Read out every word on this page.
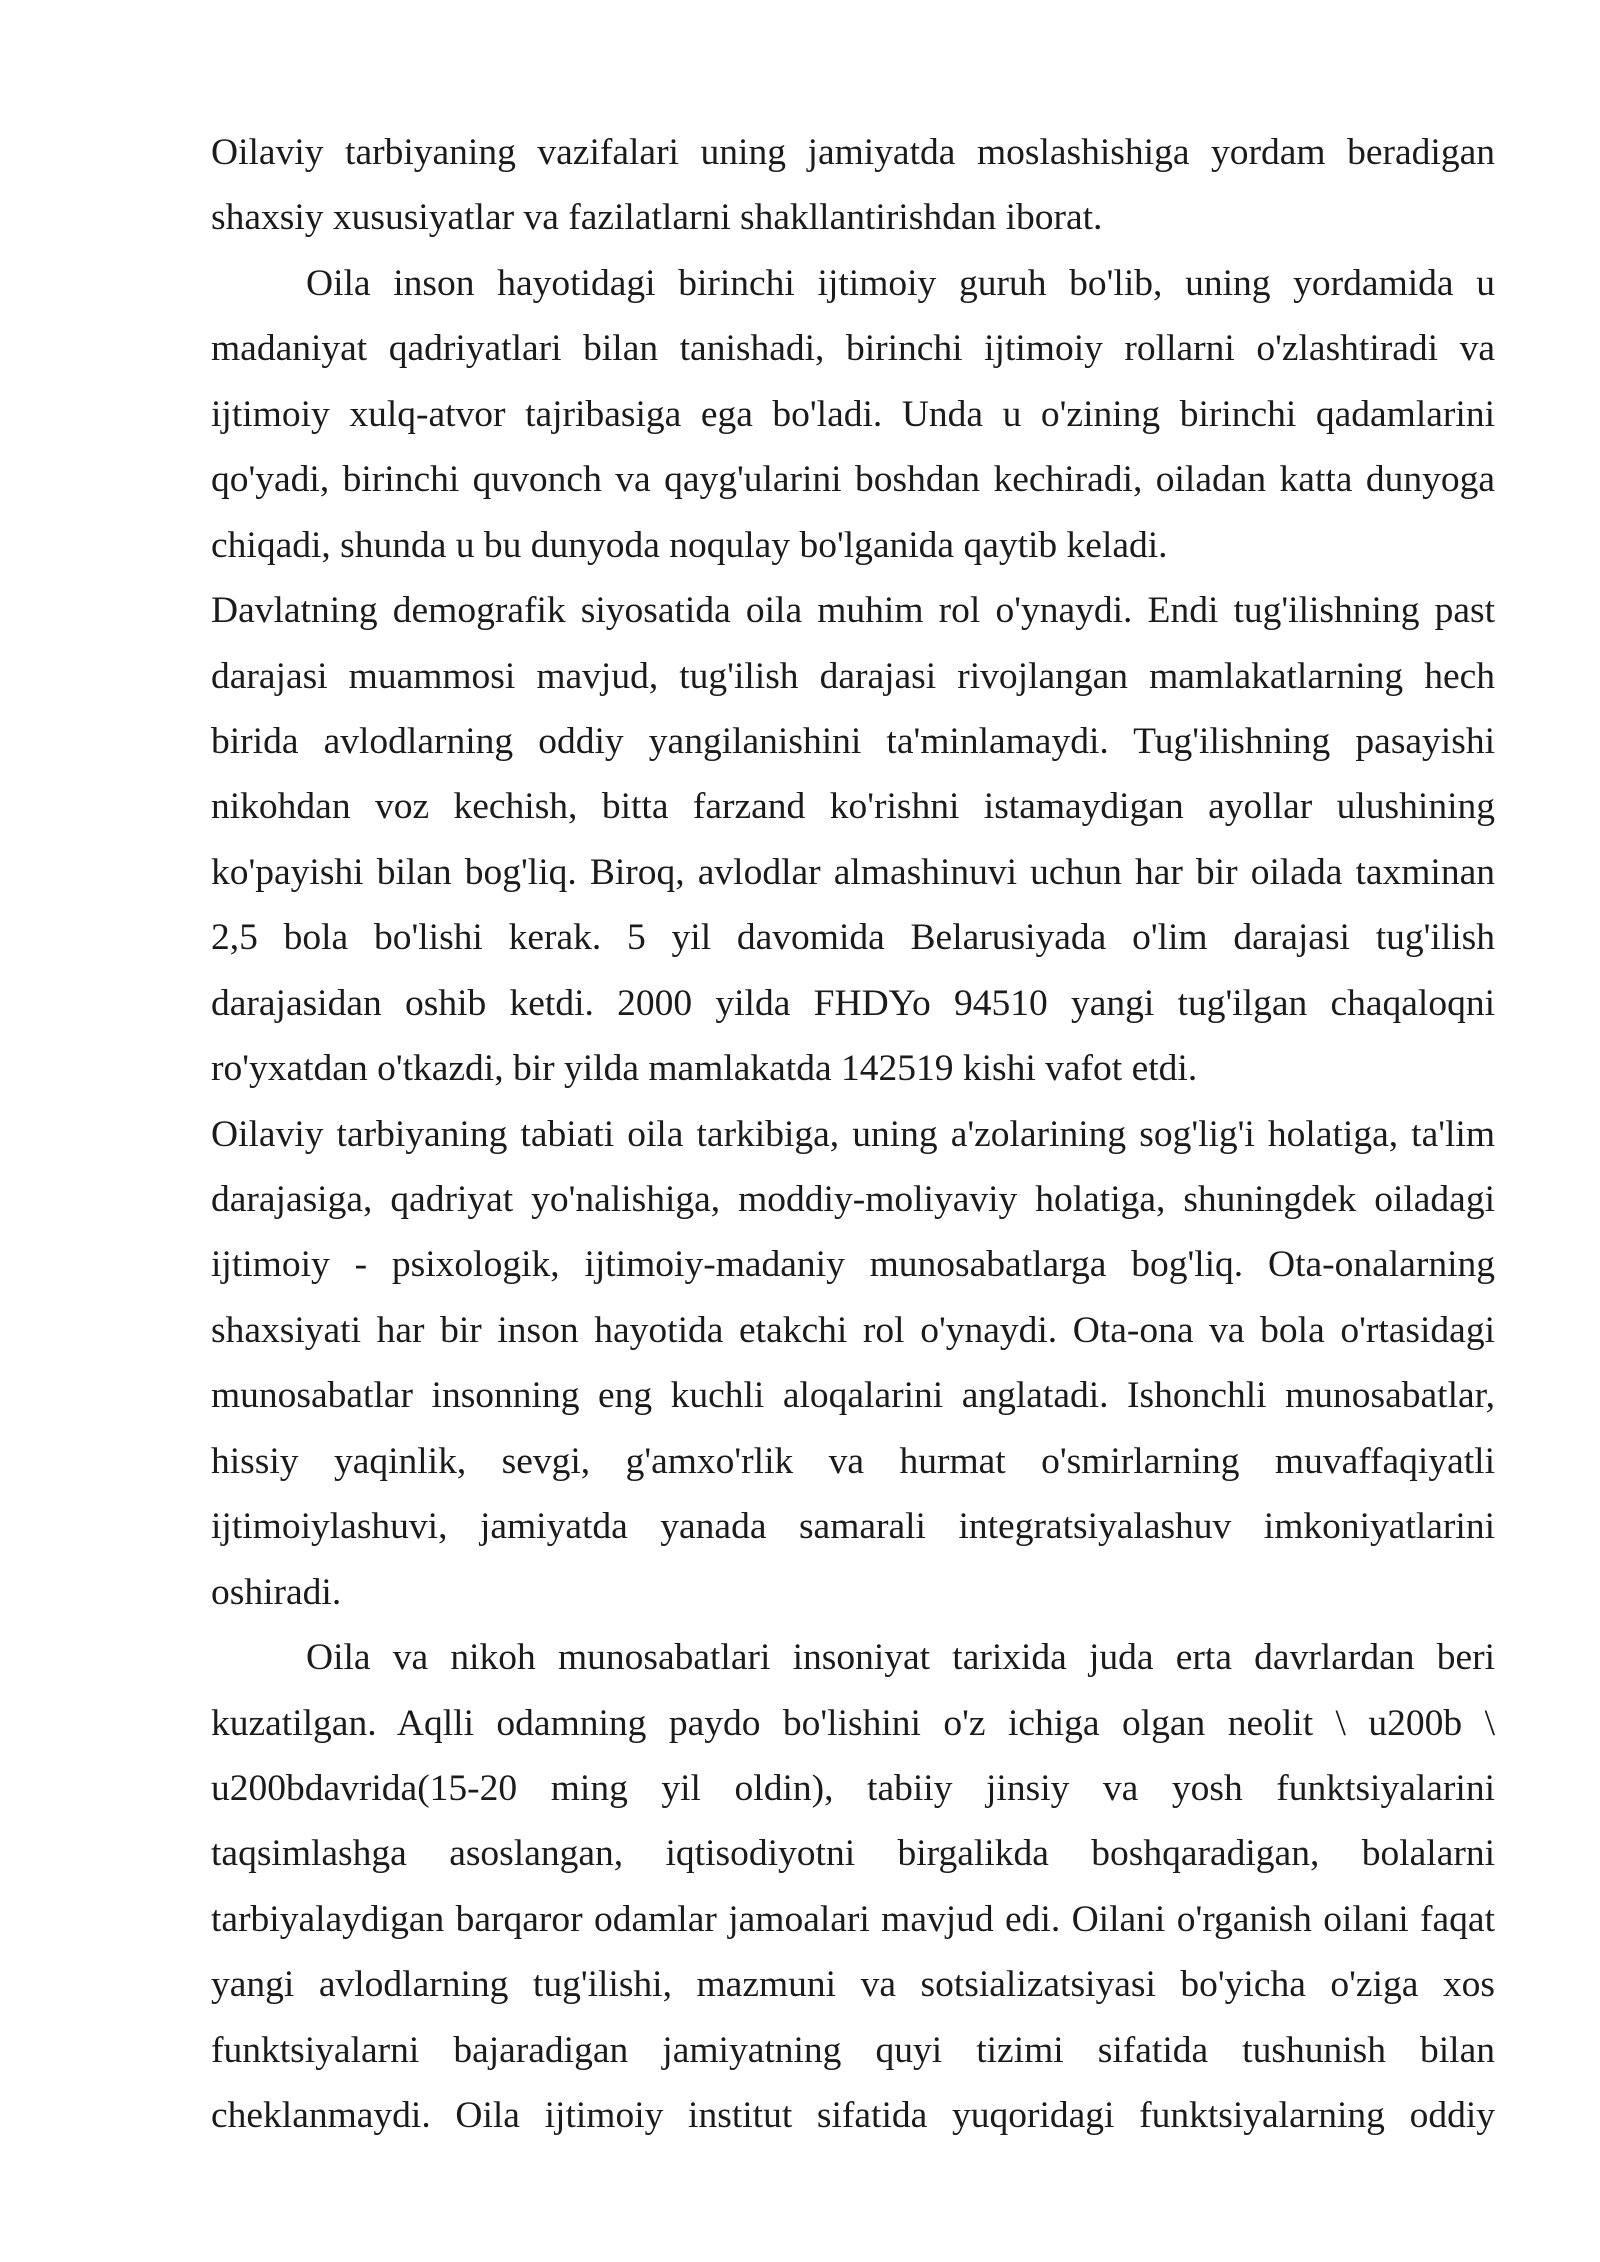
Oilaviy tarbiyaning vazifalari uning jamiyatda moslashishiga yordam beradigan
shaxsiy xususiyatlar va fazilatlarni shakllantirishdan iborat.
Oila inson hayotidagi birinchi ijtimoiy guruh bo'lib, uning yordamida u
madaniyat qadriyatlari bilan tanishadi, birinchi ijtimoiy rollarni o'zlashtiradi va
ijtimoiy xulq-atvor tajribasiga ega bo'ladi. Unda u o'zining birinchi qadamlarini
qo'yadi, birinchi quvonch va qayg'ularini boshdan kechiradi, oiladan katta dunyoga
chiqadi, shunda u bu dunyoda noqulay bo'lganida qaytib keladi.
Davlatning demografik siyosatida oila muhim rol o'ynaydi. Endi tug'ilishning past
darajasi muammosi mavjud, tug'ilish darajasi rivojlangan mamlakatlarning hech
birida avlodlarning oddiy yangilanishini ta'minlamaydi. Tug'ilishning pasayishi
nikohdan voz kechish, bitta farzand ko'rishni istamaydigan ayollar ulushining
ko'payishi bilan bog'liq. Biroq, avlodlar almashinuvi uchun har bir oilada taxminan
2,5 bola bo'lishi kerak. 5 yil davomida Belarusiyada o'lim darajasi tug'ilish
darajasidan oshib ketdi. 2000 yilda FHDYo 94510 yangi tug'ilgan chaqaloqni
ro'yxatdan o'tkazdi, bir yilda mamlakatda 142519 kishi vafot etdi.
Oilaviy tarbiyaning tabiati oila tarkibiga, uning a'zolarining sog'lig'i holatiga, ta'lim
darajasiga, qadriyat yo'nalishiga, moddiy-moliyaviy holatiga, shuningdek oiladagi
ijtimoiy - psixologik, ijtimoiy-madaniy munosabatlarga bog'liq. Ota-onalarning
shaxsiyati har bir inson hayotida etakchi rol o'ynaydi. Ota-ona va bola o'rtasidagi
munosabatlar insonning eng kuchli aloqalarini anglatadi. Ishonchli munosabatlar,
hissiy yaqinlik, sevgi, g'amxo'rlik va hurmat o'smirlarning muvaffaqiyatli
ijtimoiylashuvi, jamiyatda yanada samarali integratsiyalashuv imkoniyatlarini
oshiradi.
Oila va nikoh munosabatlari insoniyat tarixida juda erta davrlardan beri
kuzatilgan. Aqlli odamning paydo bo'lishini o'z ichiga olgan neolit \ u200b \
u200bdavrida(15-20 ming yil oldin), tabiiy jinsiy va yosh funktsiyalarini
taqsimlashga asoslangan, iqtisodiyotni birgalikda boshqaradigan, bolalarni
tarbiyalaydigan barqaror odamlar jamoalari mavjud edi. Oilani o'rganish oilani faqat
yangi avlodlarning tug'ilishi, mazmuni va sotsializatsiyasi bo'yicha o'ziga xos
funktsiyalarni bajaradigan jamiyatning quyi tizimi sifatida tushunish bilan
cheklanmaydi. Oila ijtimoiy institut sifatida yuqoridagi funktsiyalarning oddiy
